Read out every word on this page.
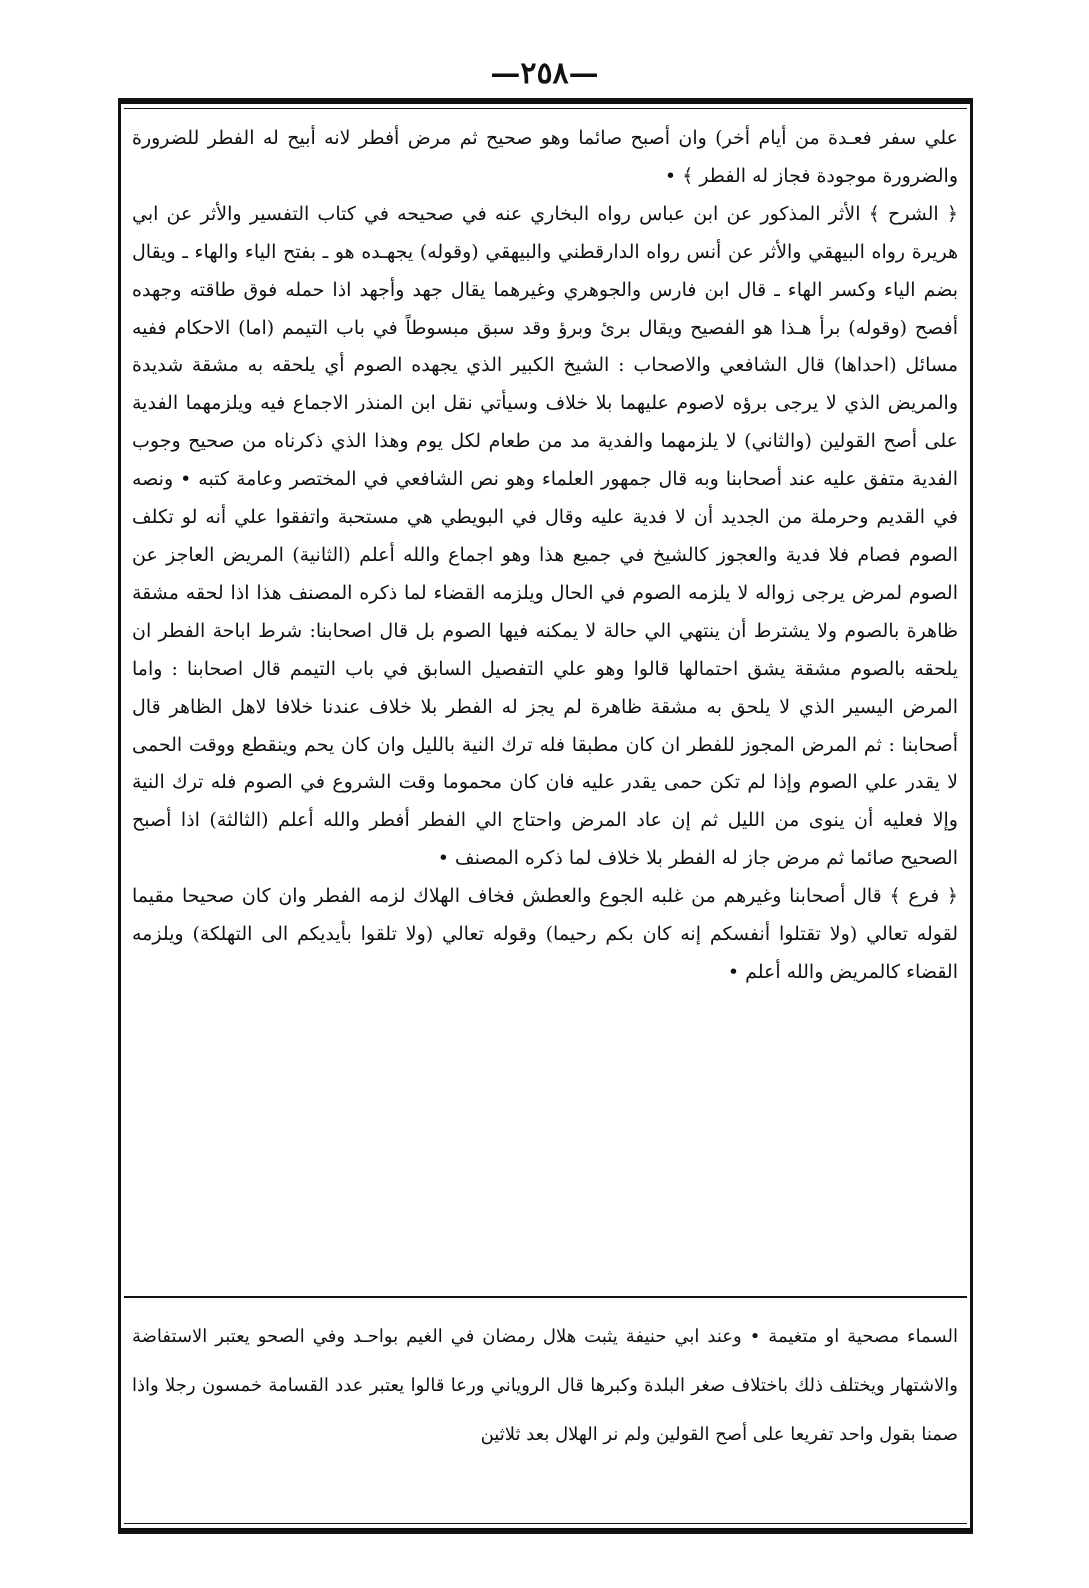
—٢٥٨—

علي سفر فعـدة من أيام أخر) وان أصبح صائما وهو صحيح ثم مرض أفطر لانه أبيح له الفطر للضرورة والضرورة موجودة فجاز له الفطر ﴾ •

﴿ الشرح ﴾ الأثر المذكور عن ابن عباس رواه البخاري عنه في صحيحه في كتاب التفسير والأثر عن ابي هريرة رواه البيهقي والأثر عن أنس رواه الدارقطني والبيهقي (وقوله) يجهـده هو ـ بفتح الياء والهاء ـ ويقال بضم الياء وكسر الهاء ـ قال ابن فارس والجوهري وغيرهما يقال جهد وأجهد اذا حمله فوق طاقته وجهده أفصح (وقوله) برأ هـذا هو الفصيح ويقال برئ وبرؤ وقد سبق مبسوطاً في باب التيمم (اما) الاحكام ففيه مسائل (احداها) قال الشافعي والاصحاب : الشيخ الكبير الذي يجهده الصوم أي يلحقه به مشقة شديدة والمريض الذي لا يرجى برؤه لاصوم عليهما بلا خلاف وسيأتي نقل ابن المنذر الاجماع فيه ويلزمهما الفدية على أصح القولين (والثاني) لا يلزمهما والفدية مد من طعام لكل يوم وهذا الذي ذكرناه من صحيح وجوب الفدية متفق عليه عند أصحابنا وبه قال جمهور العلماء وهو نص الشافعي في المختصر وعامة كتبه • ونصه في القديم وحرملة من الجديد أن لا فدية عليه وقال في البويطي هي مستحبة واتفقوا علي أنه لو تكلف الصوم فصام فلا فدية والعجوز كالشيخ في جميع هذا وهو اجماع والله أعلم (الثانية) المريض العاجز عن الصوم لمرض يرجى زواله لا يلزمه الصوم في الحال ويلزمه القضاء لما ذكره المصنف هذا اذا لحقه مشقة ظاهرة بالصوم ولا يشترط أن ينتهي الي حالة لا يمكنه فيها الصوم بل قال اصحابنا: شرط اباحة الفطر ان يلحقه بالصوم مشقة يشق احتمالها قالوا وهو علي التفصيل السابق في باب التيمم قال اصحابنا : واما المرض اليسير الذي لا يلحق به مشقة ظاهرة لم يجز له الفطر بلا خلاف عندنا خلافا لاهل الظاهر قال أصحابنا : ثم المرض المجوز للفطر ان كان مطبقا فله ترك النية بالليل وان كان يحم وينقطع ووقت الحمى لا يقدر علي الصوم وإذا لم تكن حمى يقدر عليه فان كان محموما وقت الشروع في الصوم فله ترك النية وإلا فعليه أن ينوى من الليل ثم إن عاد المرض واحتاج الي الفطر أفطر والله أعلم (الثالثة) اذا أصبح الصحيح صائما ثم مرض جاز له الفطر بلا خلاف لما ذكره المصنف •

﴿ فرع ﴾ قال أصحابنا وغيرهم من غلبه الجوع والعطش فخاف الهلاك لزمه الفطر وان كان صحيحا مقيما لقوله تعالي (ولا تقتلوا أنفسكم إنه كان بكم رحيما) وقوله تعالي (ولا تلقوا بأيديكم الى التهلكة) ويلزمه القضاء كالمريض والله أعلم •

السماء مصحية او متغيمة • وعند ابي حنيفة يثبت هلال رمضان في الغيم بواحـد وفي الصحو يعتبر الاستفاضة والاشتهار ويختلف ذلك باختلاف صغر البلدة وكبرها قال الروياني ورعا قالوا يعتبر عدد القسامة خمسون رجلا واذا صمنا بقول واحد تفريعا على أصح القولين ولم نر الهلال بعد ثلاثين
